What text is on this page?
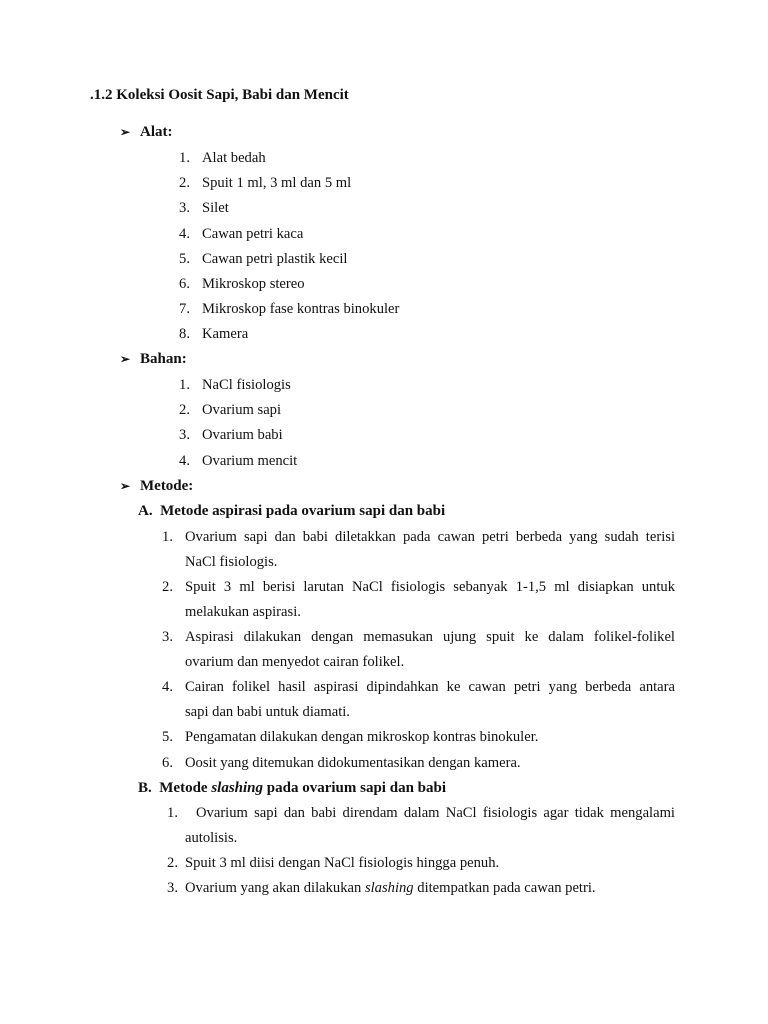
.1.2 Koleksi Oosit Sapi, Babi dan Mencit
➢ Alat:
1. Alat bedah
2. Spuit 1 ml, 3 ml dan 5 ml
3. Silet
4. Cawan petri kaca
5. Cawan petri plastik kecil
6. Mikroskop stereo
7. Mikroskop fase kontras binokuler
8. Kamera
➢ Bahan:
1. NaCl fisiologis
2. Ovarium sapi
3. Ovarium babi
4. Ovarium mencit
➢ Metode:
A. Metode aspirasi pada ovarium sapi dan babi
1. Ovarium sapi dan babi diletakkan pada cawan petri berbeda yang sudah terisi
NaCl fisiologis.
2. Spuit 3 ml berisi larutan NaCl fisiologis sebanyak 1-1,5 ml disiapkan untuk
melakukan aspirasi.
3. Aspirasi dilakukan dengan memasukan ujung spuit ke dalam folikel-folikel
ovarium dan menyedot cairan folikel.
4. Cairan folikel hasil aspirasi dipindahkan ke cawan petri yang berbeda antara
sapi dan babi untuk diamati.
5. Pengamatan dilakukan dengan mikroskop kontras binokuler.
6. Oosit yang ditemukan didokumentasikan dengan kamera.
B. Metode slashing pada ovarium sapi dan babi
1. Ovarium sapi dan babi direndam dalam NaCl fisiologis agar tidak mengalami
autolisis.
2. Spuit 3 ml diisi dengan NaCl fisiologis hingga penuh.
3. Ovarium yang akan dilakukan slashing ditempatkan pada cawan petri.
